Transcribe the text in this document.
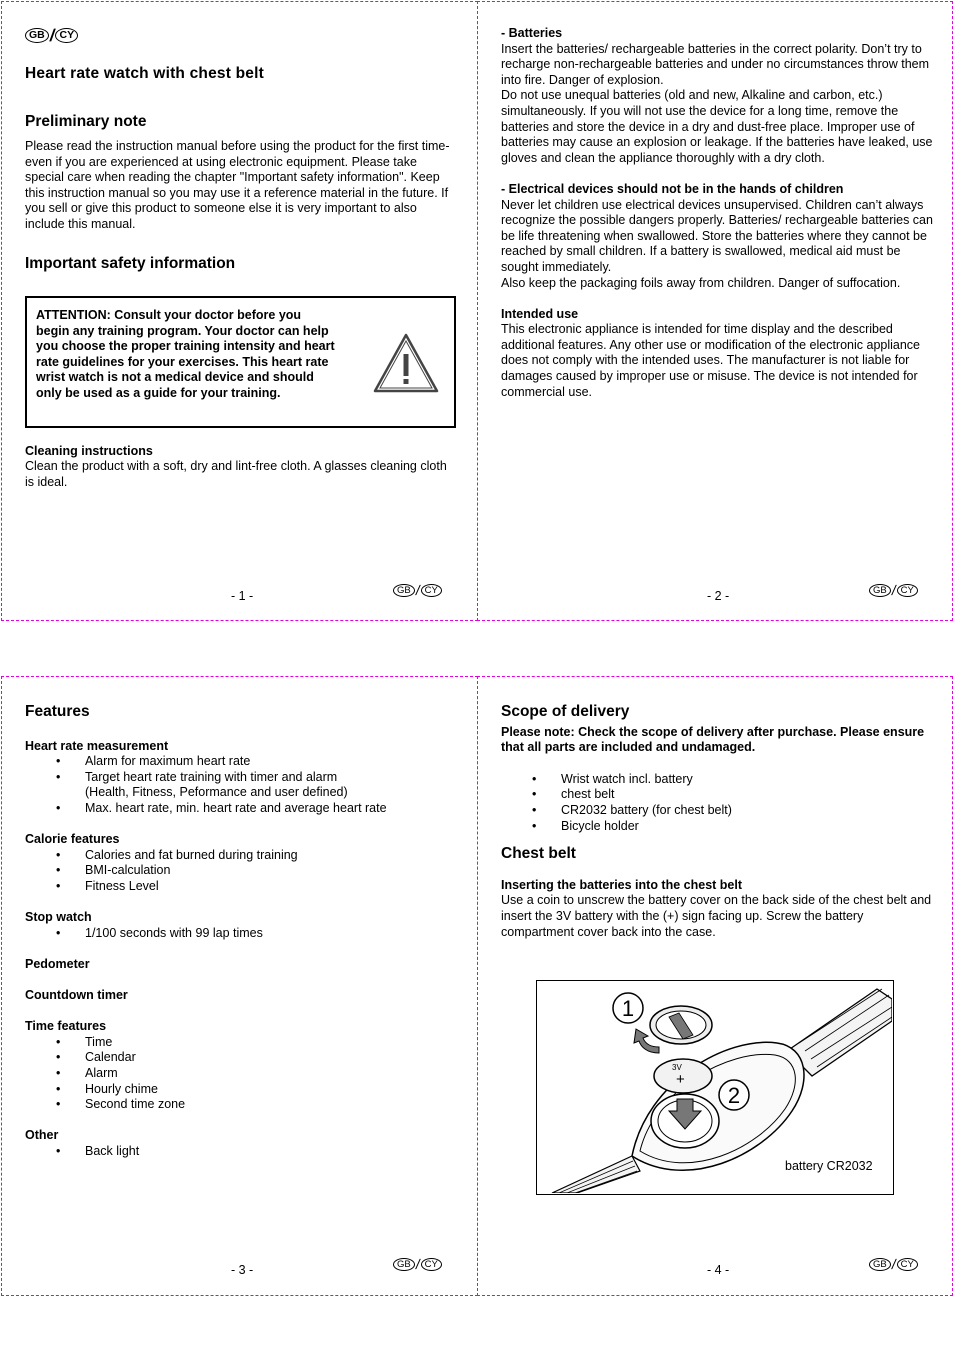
GB / CY
Heart rate watch with chest belt
Preliminary note

Please read the instruction manual before using the product for the first time- even if you are experienced at using electronic equipment. Please take special care when reading the chapter "Important safety information". Keep this instruction manual so you may use it a reference material in the future. If you sell or give this product to someone else it is very important to also include this manual.

Important safety information
ATTENTION: Consult your doctor before you begin any training program. Your doctor can help you choose the proper training intensity and heart rate guidelines for your exercises. This heart rate wrist watch is not a medical device and should only be used as a guide for your training.

Cleaning instructions

Clean the product with a soft, dry and lint-free cloth. A glasses cleaning cloth is ideal.

- 1 -	GB / CY

- Batteries

Insert the batteries/ rechargeable batteries in the correct polarity. Don’t try to recharge non-rechargeable batteries and under no circumstances throw them into fire. Danger of explosion.

Do not use unequal batteries (old and new, Alkaline and carbon, etc.) simultaneously. If you will not use the device for a long time, remove the batteries and store the device in a dry and dust-free place. Improper use of batteries may cause an explosion or leakage. If the batteries have leaked, use gloves and clean the appliance thoroughly with a dry cloth.

- Electrical devices should not be in the hands of children

Never let children use electrical devices unsupervised. Children can’t always recognize the possible dangers properly. Batteries/ rechargeable batteries can be life threatening when swallowed. Store the batteries where they cannot be reached by small children. If a battery is swallowed, medical aid must be sought immediately.

Also keep the packaging foils away from children. Danger of suffocation.

Intended use

This electronic appliance is intended for time display and the described additional features. Any other use or modification of the electronic appliance does not comply with the intended uses. The manufacturer is not liable for damages caused by improper use or misuse. The device is not intended for commercial use.

- 2 -	GB / CY
Features

Heart rate measurement

• Alarm for maximum heart rate
• Target heart rate training with timer and alarm
(Health, Fitness, Peformance and user defined)
• Max. heart rate, min. heart rate and average heart rate

Calorie features

• Calories and fat burned during training
• BMI-calculation
• Fitness Level

Stop watch

• 1/100 seconds with 99 lap times

Pedometer

Countdown timer

Time features

• Time
• Calendar
• Alarm
• Hourly chime
• Second time zone

Other

• Back light
- 3 -	GB / CY
Scope of delivery

Please note: Check the scope of delivery after purchase. Please ensure that all parts are included and undamaged.

• Wrist watch incl. battery
• chest belt
• CR2032 battery (for chest belt)
• Bicycle holder
Chest belt

Inserting the batteries into the chest belt

Use a coin to unscrew the battery cover on the back side of the chest belt and insert the 3V battery with the (+) sign facing up. Screw the battery compartment cover back into the case.

3V
+
1
2
battery CR2032
- 4 -	GB / CY
